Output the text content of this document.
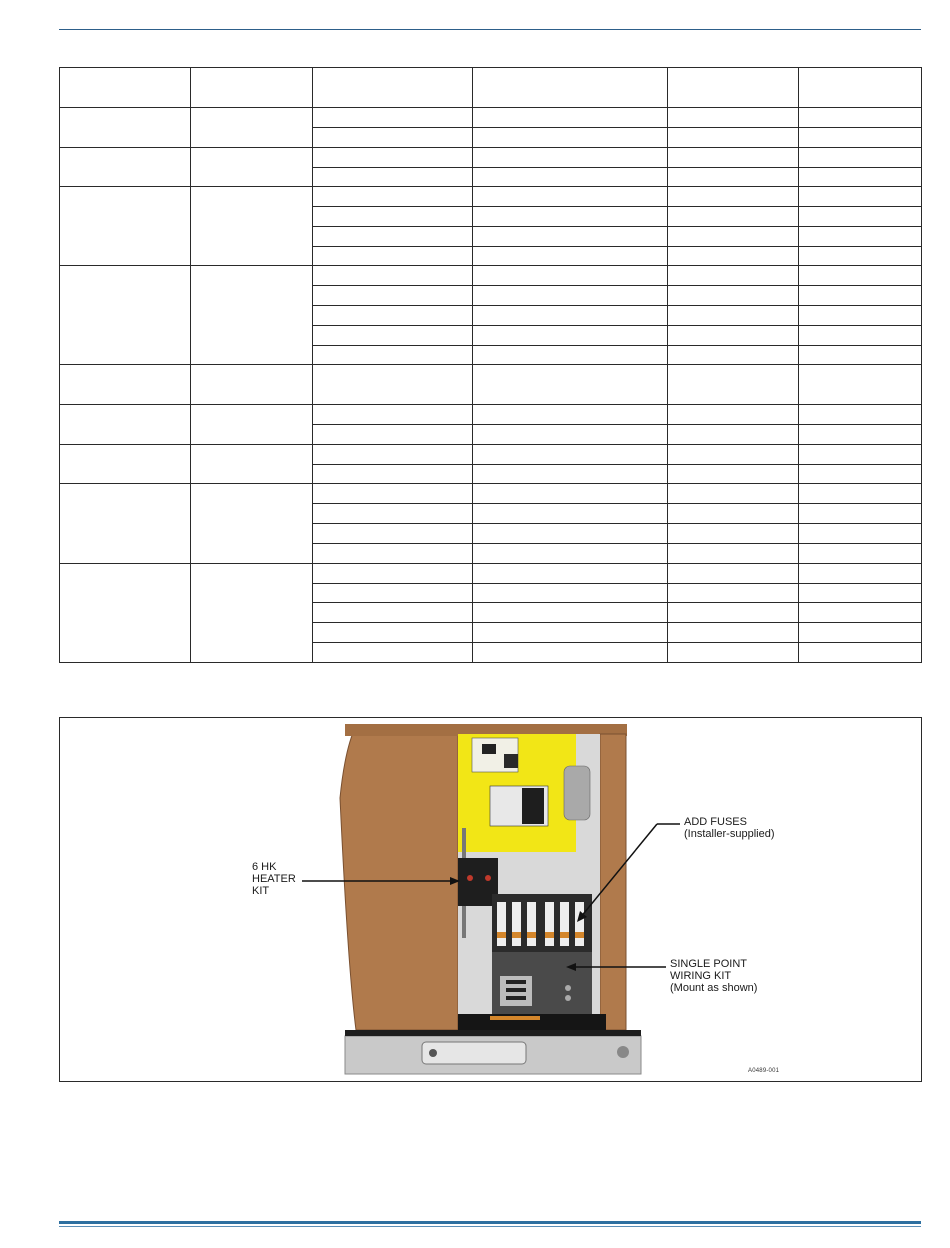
6 HK
HEATER
KIT
ADD FUSES
(Installer-supplied)
SINGLE POINT
WIRING KIT
(Mount as shown)
A0489-001
